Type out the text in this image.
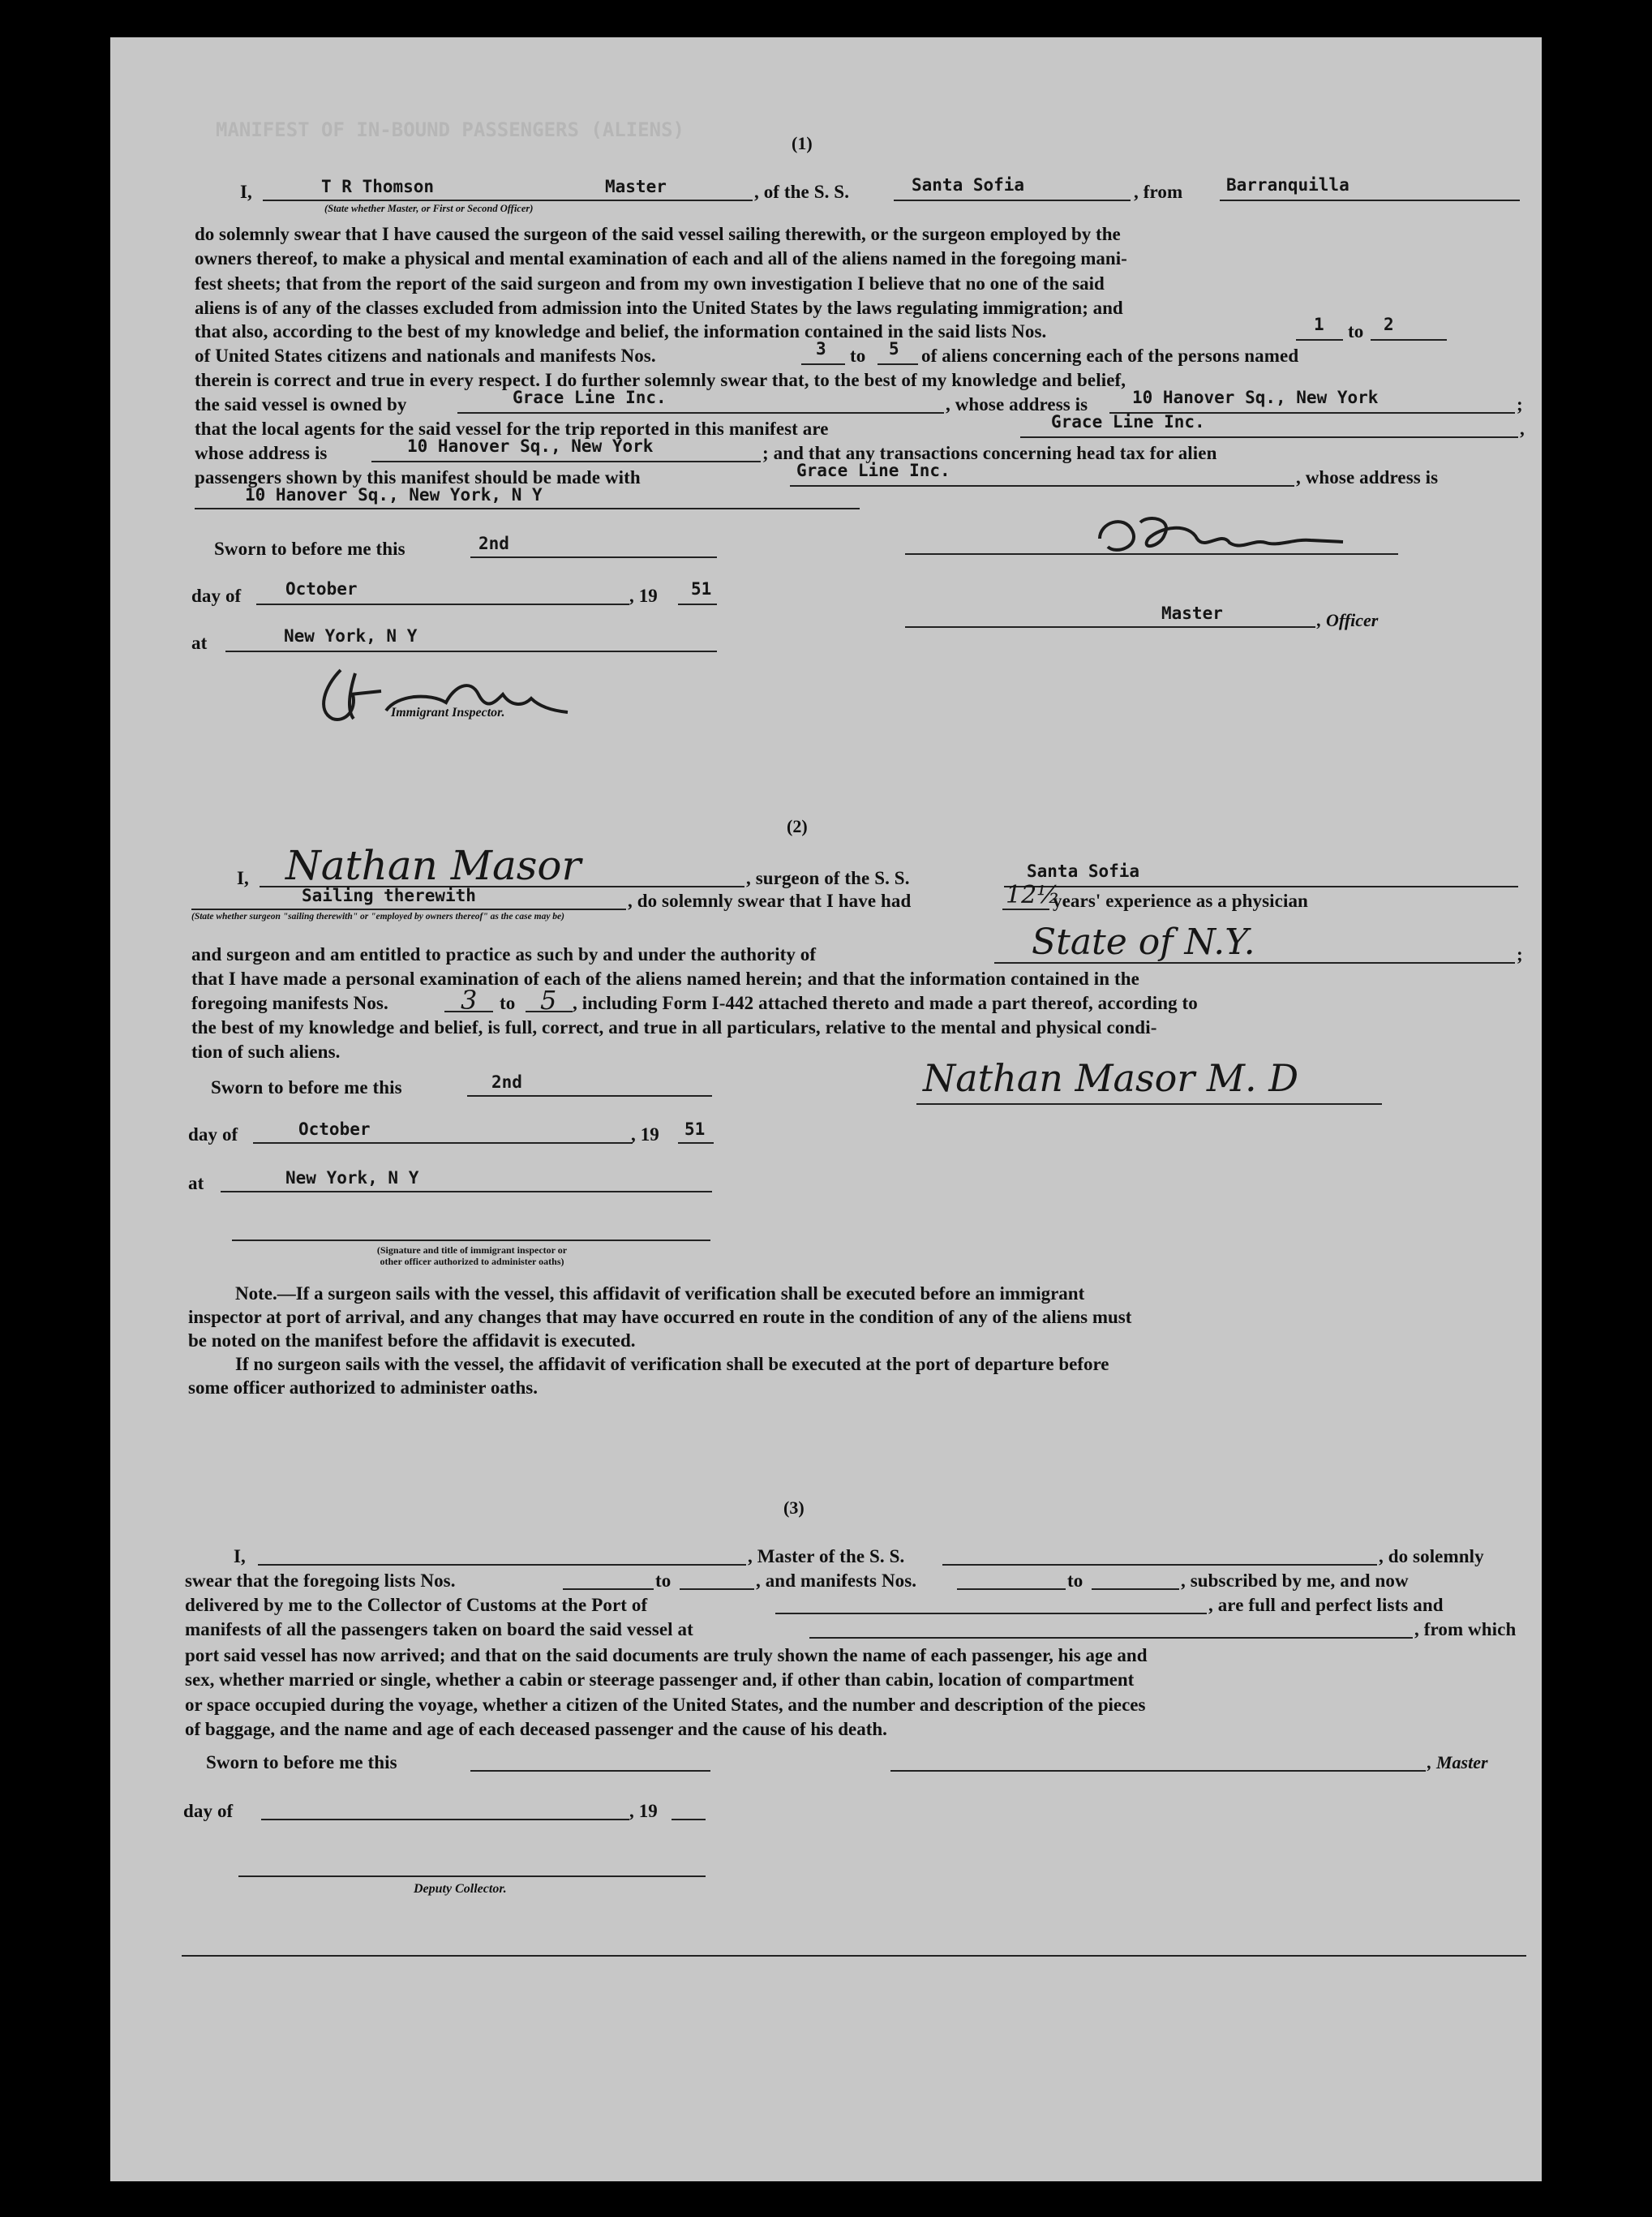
MANIFEST OF IN-BOUND PASSENGERS (ALIENS)
(1)
I,	T R Thomson	Master	, of the S. S.	Santa Sofia	, from	Barranquilla
(State whether Master, or First or Second Officer)
do solemnly swear that I have caused the surgeon of the said vessel sailing therewith, or the surgeon employed by the
owners thereof, to make a physical and mental examination of each and all of the aliens named in the foregoing mani-
fest sheets; that from the report of the said surgeon and from my own investigation I believe that no one of the said
aliens is of any of the classes excluded from admission into the United States by the laws regulating immigration; and
that also, according to the best of my knowledge and belief, the information contained in the said lists Nos.	1 to 2
of United States citizens and nationals and manifests Nos.	3 to 5 of aliens concerning each of the persons named
therein is correct and true in every respect. I do further solemnly swear that, to the best of my knowledge and belief,
the said vessel is owned by	Grace Line Inc.	, whose address is	10 Hanover Sq., New York	;
that the local agents for the said vessel for the trip reported in this manifest are	Grace Line Inc.	,
whose address is	10 Hanover Sq., New York	; and that any transactions concerning head tax for alien
passengers shown by this manifest should be made with	Grace Line Inc.	, whose address is
10 Hanover Sq., New York, N Y
Sworn to before me this	2nd
day of	October	, 19 51
at	New York, N Y
Immigrant Inspector.
Master	, Officer
(2)
I, Nathan Masor	, surgeon of the S. S.	Santa Sofia
Sailing therewith	, do solemnly swear that I have had	12½
years' experience as a physician
(State whether surgeon "sailing therewith" or "employed by owners thereof" as the case may be)
and surgeon and am entitled to practice as such by and under the authority of	State of N.Y.	;
that I have made a personal examination of each of the aliens named herein; and that the information contained in the
foregoing manifests Nos.	3 to 5 , including Form I-442 attached thereto and made a part thereof, according to
the best of my knowledge and belief, is full, correct, and true in all particulars, relative to the mental and physical condi-
tion of such aliens.
Sworn to before me this	2nd
day of	October	, 19 51
at	New York, N Y
(Signature and title of immigrant inspector or
other officer authorized to administer oaths)
Nathan Masor M. D
Note.—If a surgeon sails with the vessel, this affidavit of verification shall be executed before an immigrant
inspector at port of arrival, and any changes that may have occurred en route in the condition of any of the aliens must
be noted on the manifest before the affidavit is executed.
If no surgeon sails with the vessel, the affidavit of verification shall be executed at the port of departure before
some officer authorized to administer oaths.
(3)
I,	, Master of the S. S.	, do solemnly
swear that the foregoing lists Nos.	to	, and manifests Nos.	to	, subscribed by me, and now
delivered by me to the Collector of Customs at the Port of	, are full and perfect lists and
manifests of all the passengers taken on board the said vessel at	, from which
port said vessel has now arrived; and that on the said documents are truly shown the name of each passenger, his age and
sex, whether married or single, whether a cabin or steerage passenger and, if other than cabin, location of compartment
or space occupied during the voyage, whether a citizen of the United States, and the number and description of the pieces
of baggage, and the name and age of each deceased passenger and the cause of his death.
Sworn to before me this	, Master
day of	, 19
Deputy Collector.
